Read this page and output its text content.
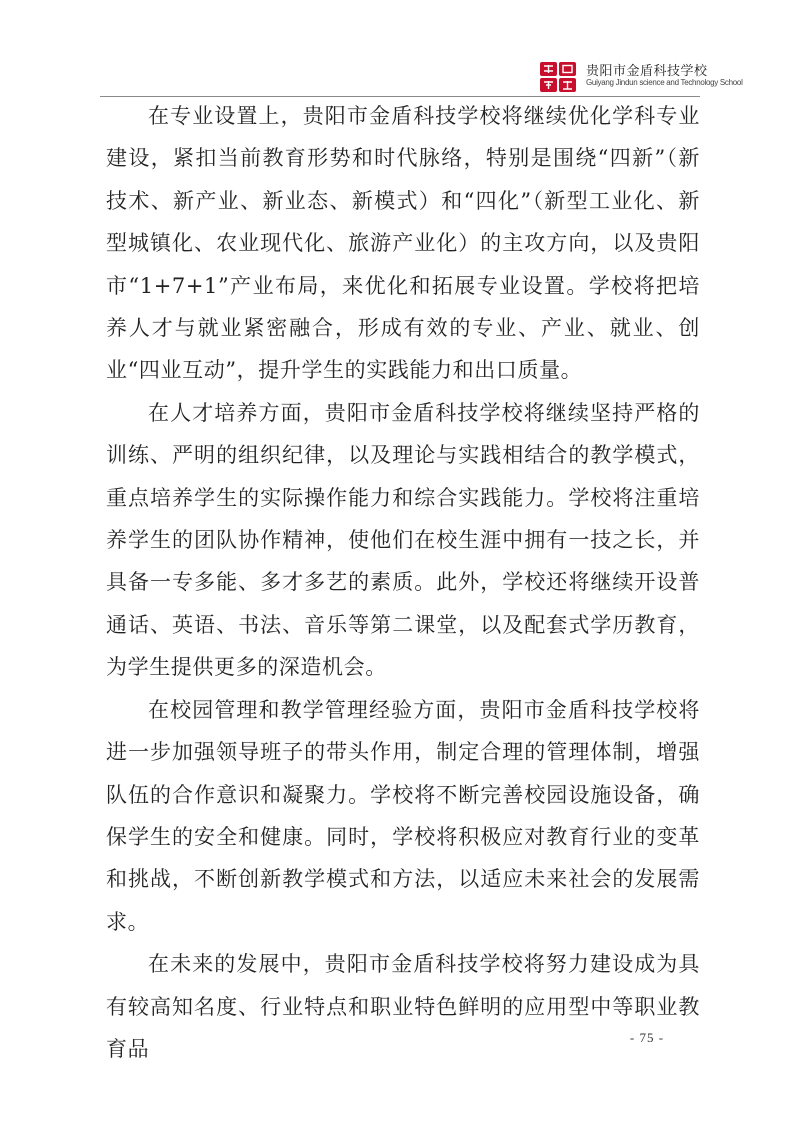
贵阳市金盾科技学校
Guiyang Jindun science and Technology School

在专业设置上，贵阳市金盾科技学校将继续优化学科专业建设，紧扣当前教育形势和时代脉络，特别是围绕“四新”（新技术、新产业、新业态、新模式）和“四化”（新型工业化、新型城镇化、农业现代化、旅游产业化）的主攻方向，以及贵阳市“1+7+1”产业布局，来优化和拓展专业设置。学校将把培养人才与就业紧密融合，形成有效的专业、产业、就业、创业“四业互动”，提升学生的实践能力和出口质量。

在人才培养方面，贵阳市金盾科技学校将继续坚持严格的训练、严明的组织纪律，以及理论与实践相结合的教学模式，重点培养学生的实际操作能力和综合实践能力。学校将注重培养学生的团队协作精神，使他们在校生涯中拥有一技之长，并具备一专多能、多才多艺的素质。此外，学校还将继续开设普通话、英语、书法、音乐等第二课堂，以及配套式学历教育，为学生提供更多的深造机会。

在校园管理和教学管理经验方面，贵阳市金盾科技学校将进一步加强领导班子的带头作用，制定合理的管理体制，增强队伍的合作意识和凝聚力。学校将不断完善校园设施设备，确保学生的安全和健康。同时，学校将积极应对教育行业的变革和挑战，不断创新教学模式和方法，以适应未来社会的发展需求。

在未来的发展中，贵阳市金盾科技学校将努力建设成为具有较高知名度、行业特点和职业特色鲜明的应用型中等职业教育品	- 75 -
